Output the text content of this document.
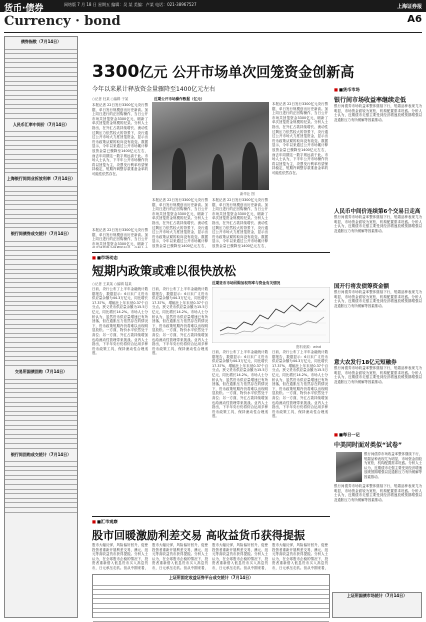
货币·债券	网络版 7 月 18 日 星期五 编辑：吴 某 美编：卢某 电话：021-38967527	上海证券报
Currency · bond	A6
债券指数（7月14日）

人民币汇率中间价（7月14日）

上海银行间同业拆放利率（7月14日）

银行间债券成交统计（7月14日）

交易所国债回购（7月14日）

银行间回购成交统计（7月14日）

3300亿元 公开市场单次回笼资金创新高
今年以来累计释放资金量骤降至1400亿元左右
○记者 杜某 ○编辑 于某
本报记者 22日发行3300亿元央行票据，单日发行规模创出历史新高。加上同日进行的正回购操作，当日公开市场共回笼资金3300亿元，刷新了单次回笼资金规模的纪录。分析人士指出，在外汇占款持续增长、流动性过剩压力依然较大的背景下，央行通过公开市场大力度回笼资金，显示出货币政策从紧的取向没有改变。数据显示，今年以来通过公开市场累计释放资金量已骤降至1400亿元左右，而去年同期这一数字则远高于此。市场人士认为，下半年公开市场操作仍将以回笼为主，央票发行利率有望保持稳定，短期内调整存款准备金率的可能性依然存在。
近期公开市场操作数据（亿元）
新华社 图
本报记者 22日发行3300亿元央行票据，单日发行规模创出历史新高。加上同日进行的正回购操作，当日公开市场共回笼资金3300亿元，刷新了单次回笼资金规模的纪录。分析人士指出，在外汇占款持续增长、流动性过剩压力依然较大的背景下，央行通过公开市场大力度回笼资金，显示出货币政策从紧的取向没有改变。数据显示，今年以来通过公开市场累计释放资金量已骤降至1400亿元左右，
本报记者 22日发行3300亿元央行票据，单日发行规模创出历史新高。加上同日进行的正回购操作，当日公开市场共回笼资金3300亿元，刷新了单次回笼资金规模的纪录。分析人士指出，在外汇占款持续增长、流动性过剩压力依然较大的背景下，央行通过公开市场大力度回笼资金，显示出货币政策从紧的取向没有改变。数据显示，今年以来通过公开市场累计释放资金量已骤降至1400亿元左右，
本报记者 22日发行3300亿元央行票据，单日发行规模创出历史新高。加上同日进行的正回购操作，当日公开市场共回笼资金3300亿元，刷新了单次回笼资金规模的纪录。分析人士指出，在外汇占款持续增长、流动性过剩压力依然较大的背景下，央行通过公开市场大力度回笼资金，显示出货币政策从紧的取向没有改变。数据显示，今年以来通过公开市场累计释放资金量已骤降至1400亿元左右，而去年同期这一数字则远高于此。市场人士认为，下半年公开市场操作仍将以回笼为主，央票发行利率有望保持稳定，短期内调整存款准备金率的可能性依然存在。
本报记者 22日发行3300亿元央行票据，单日发行规模创出历史新高。加上同日进行的正回购操作，当日公开市场共回笼资金3300亿元，刷新了
■ ■市场动态
短期内政策或难以很快放松
○记者 王某某 ○编辑 陆某
日前，央行公布了上半年金融统计数据报告，数据显示：6月末广义货币供应量余额为44.3万亿元，同比增长17.37%，增幅比上年末低0.37个百分点。狭义货币供应量余额为15.5万亿元，同比增长14.2%。市场人士分析认为，虽然货币供应量增速已有所回落，但在通胀压力依然存在的情况下，货币政策短期内仍将难以出现明显放松。一方面，物价水平依然处于高位；另一方面，外汇占款持续增加也给流动性管理带来挑战。业内人士指出，下半年央行仍将综合运用多种货币政策工具，保持流动性合理适度。
日前，央行公布了上半年金融统计数据报告，数据显示：6月末广义货币供应量余额为44.3万亿元，同比增长17.37%，增幅比上年末低0.37个百分点。狭义货币供应量余额为15.5万亿元，同比增长14.2%。市场人士分析认为，虽然货币供应量增速已有所回落，但在通胀压力依然存在的情况下，货币政策短期内仍将难以出现明显放松。一方面，物价水平依然处于高位；另一方面，外汇占款持续增加也给流动性管理带来挑战。业内人士指出，下半年央行仍将综合运用多种货币政策工具，保持流动性合理适度。
近期货币市场回购加权利率与资金有关情况
资料来源：wind
日前，央行公布了上半年金融统计数据报告，数据显示：6月末广义货币供应量余额为44.3万亿元，同比增长17.37%，增幅比上年末低0.37个百分点。狭义货币供应量余额为15.5万亿元，同比增长14.2%。市场人士分析认为，虽然货币供应量增速已有所回落，但在通胀压力依然存在的情况下，货币政策短期内仍将难以出现明显放松。一方面，物价水平依然处于高位；另一方面，外汇占款持续增加也给流动性管理带来挑战。业内人士指出，下半年央行仍将综合运用多种货币政策工具，保持流动性合理适度。
日前，央行公布了上半年金融统计数据报告，数据显示：6月末广义货币供应量余额为44.3万亿元，同比增长17.37%，增幅比上年末低0.37个百分点。狭义货币供应量余额为15.5万亿元，同比增长14.2%。市场人士分析认为，虽然货币供应量增速已有所回落，但在通胀压力依然存在的情况下，货币政策短期内仍将难以出现明显放松。一方面，物价水平依然处于高位；另一方面，外汇占款持续增加也给流动性管理带来挑战。业内人士指出，下半年央行仍将综合运用多种货币政策工具，保持流动性合理适度。
■ ■汇市观察
股市回暖激励利差交易 高收益货币获得提振
股市大幅反弹，风险偏好回升，促使投资者重新开展利差交易，澳元、纽元等高收益货币获得提振。分析人士认为，在全球股市企稳的情况下，投资者重新借入低息货币买入高息货币，日元承压走软。但从中期来看，
股市大幅反弹，风险偏好回升，促使投资者重新开展利差交易，澳元、纽元等高收益货币获得提振。分析人士认为，在全球股市企稳的情况下，投资者重新借入低息货币买入高息货币，日元承压走软。但从中期来看，
股市大幅反弹，风险偏好回升，促使投资者重新开展利差交易，澳元、纽元等高收益货币获得提振。分析人士认为，在全球股市企稳的情况下，投资者重新借入低息货币买入高息货币，日元承压走软。但从中期来看，
股市大幅反弹，风险偏好回升，促使投资者重新开展利差交易，澳元、纽元等高收益货币获得提振。分析人士认为，在全球股市企稳的情况下，投资者重新借入低息货币买入高息货币，日元承压走软。但从中期来看，
上证所固定收益证券平台成交统计（7月14日）

上证所国债市场统计（7月14日）
■ ■货币市场
银行间市场收益率继续走低
银行间债券市场收益率整体继续下行，短端品种表现尤为明显，市场资金面较为宽松，机构配置需求旺盛。分析人士认为，近期债市走强主要受到经济增速放缓预期增强以及通胀压力有所缓解等因素推动。
人民币中间价连续第6个交易日走高
银行间债券市场收益率整体继续下行，短端品种表现尤为明显，市场资金面较为宽松，机构配置需求旺盛。分析人士认为，近期债市走强主要受到经济增速放缓预期增强以及通胀压力有所缓解等因素推动。
国开行将发债筹资金额
银行间债券市场收益率整体继续下行，短端品种表现尤为明显，市场资金面较为宽松，机构配置需求旺盛。分析人士认为，近期债市走强主要受到经济增速放缓预期增强以及通胀压力有所缓解等因素推动。
意大农发行18亿元短融券
银行间债券市场收益率整体继续下行，短端品种表现尤为明显，市场资金面较为宽松，机构配置需求旺盛。分析人士认为，近期债市走强主要受到经济增速放缓预期增强以及通胀压力有所缓解等因素推动。
■ ■每日一记
中美同时面对类似“试卷”
银行间债券市场收益率整体继续下行，短端品种表现尤为明显，市场资金面较为宽松，机构配置需求旺盛。分析人士认为，近期债市走强主要受到经济增速放缓预期增强以及通胀压力有所缓解等因素推动。
银行间债券市场收益率整体继续下行，短端品种表现尤为明显，市场资金面较为宽松，机构配置需求旺盛。分析人士认为，近期债市走强主要受到经济增速放缓预期增强以及通胀压力有所缓解等因素推动。
